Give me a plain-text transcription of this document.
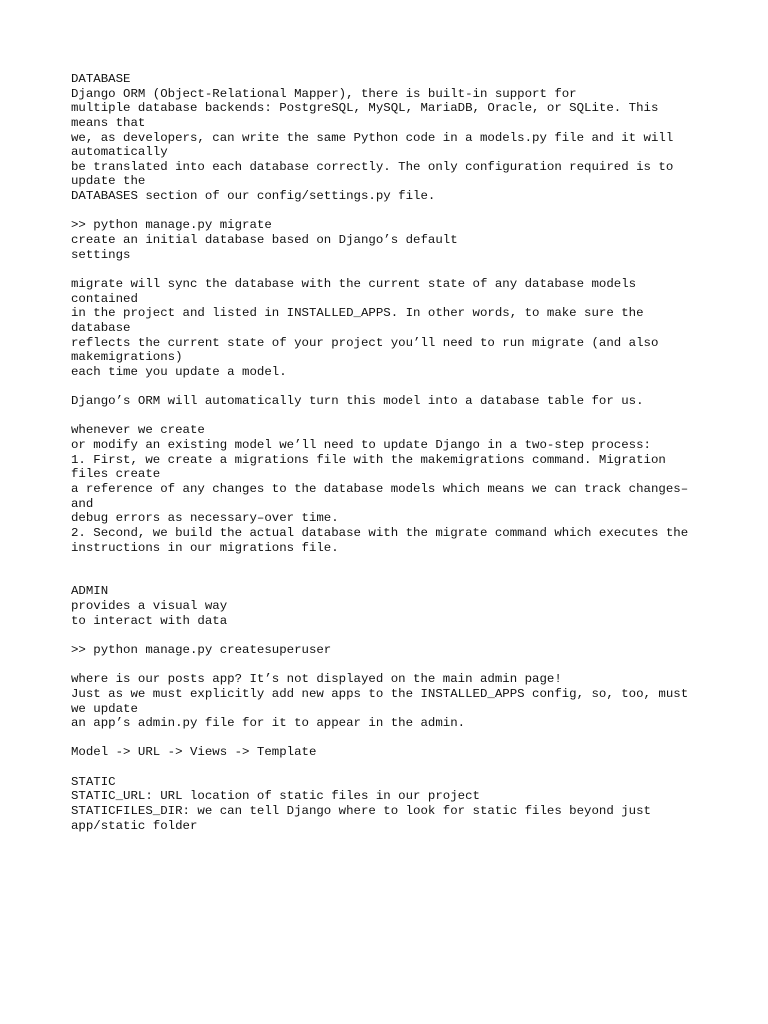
DATABASE
Django ORM (Object-Relational Mapper), there is built-in support for
multiple database backends: PostgreSQL, MySQL, MariaDB, Oracle, or SQLite. This
means that
we, as developers, can write the same Python code in a models.py file and it will
automatically
be translated into each database correctly. The only configuration required is to
update the
DATABASES section of our config/settings.py file.
>> python manage.py migrate
create an initial database based on Django’s default
settings
migrate will sync the database with the current state of any database models
contained
in the project and listed in INSTALLED_APPS. In other words, to make sure the
database
reflects the current state of your project you’ll need to run migrate (and also
makemigrations)
each time you update a model.
Django’s ORM will automatically turn this model into a database table for us.
whenever we create
or modify an existing model we’ll need to update Django in a two-step process:
1. First, we create a migrations file with the makemigrations command. Migration
files create
a reference of any changes to the database models which means we can track changes–
and
debug errors as necessary–over time.
2. Second, we build the actual database with the migrate command which executes the
instructions in our migrations file.
ADMIN
provides a visual way
to interact with data
>> python manage.py createsuperuser
where is our posts app? It’s not displayed on the main admin page!
Just as we must explicitly add new apps to the INSTALLED_APPS config, so, too, must
we update
an app’s admin.py file for it to appear in the admin.
Model -> URL -> Views -> Template
STATIC
STATIC_URL: URL location of static files in our project
STATICFILES_DIR: we can tell Django where to look for static files beyond just
app/static folder
